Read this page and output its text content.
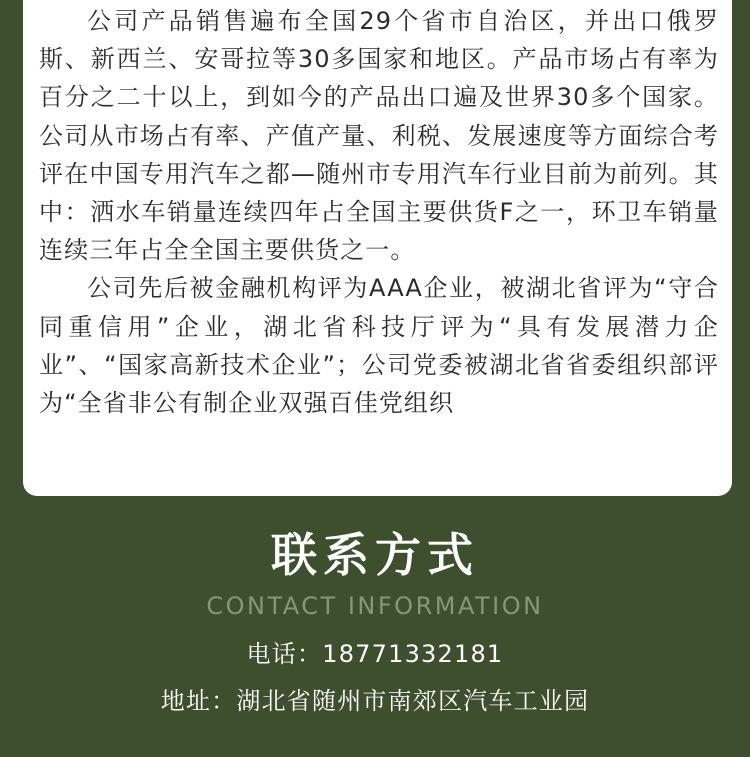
公司产品销售遍布全国29个省市自治区，并出口俄罗斯、新西兰、安哥拉等30多国家和地区。产品市场占有率为百分之二十以上，到如今的产品出口遍及世界30多个国家。公司从市场占有率、产值产量、利税、发展速度等方面综合考评在中国专用汽车之都—随州市专用汽车行业目前为前列。其中：洒水车销量连续四年占全国主要供货F之一，环卫车销量连续三年占全全国主要供货之一。

公司先后被金融机构评为AAA企业，被湖北省评为“守合同重信用”企业，湖北省科技厅评为“具有发展潜力企业”、“国家高新技术企业”；公司党委被湖北省省委组织部评为“全省非公有制企业双强百佳党组织

联系方式
CONTACT INFORMATION
电话：18771332181
地址：湖北省随州市南郊区汽车工业园
